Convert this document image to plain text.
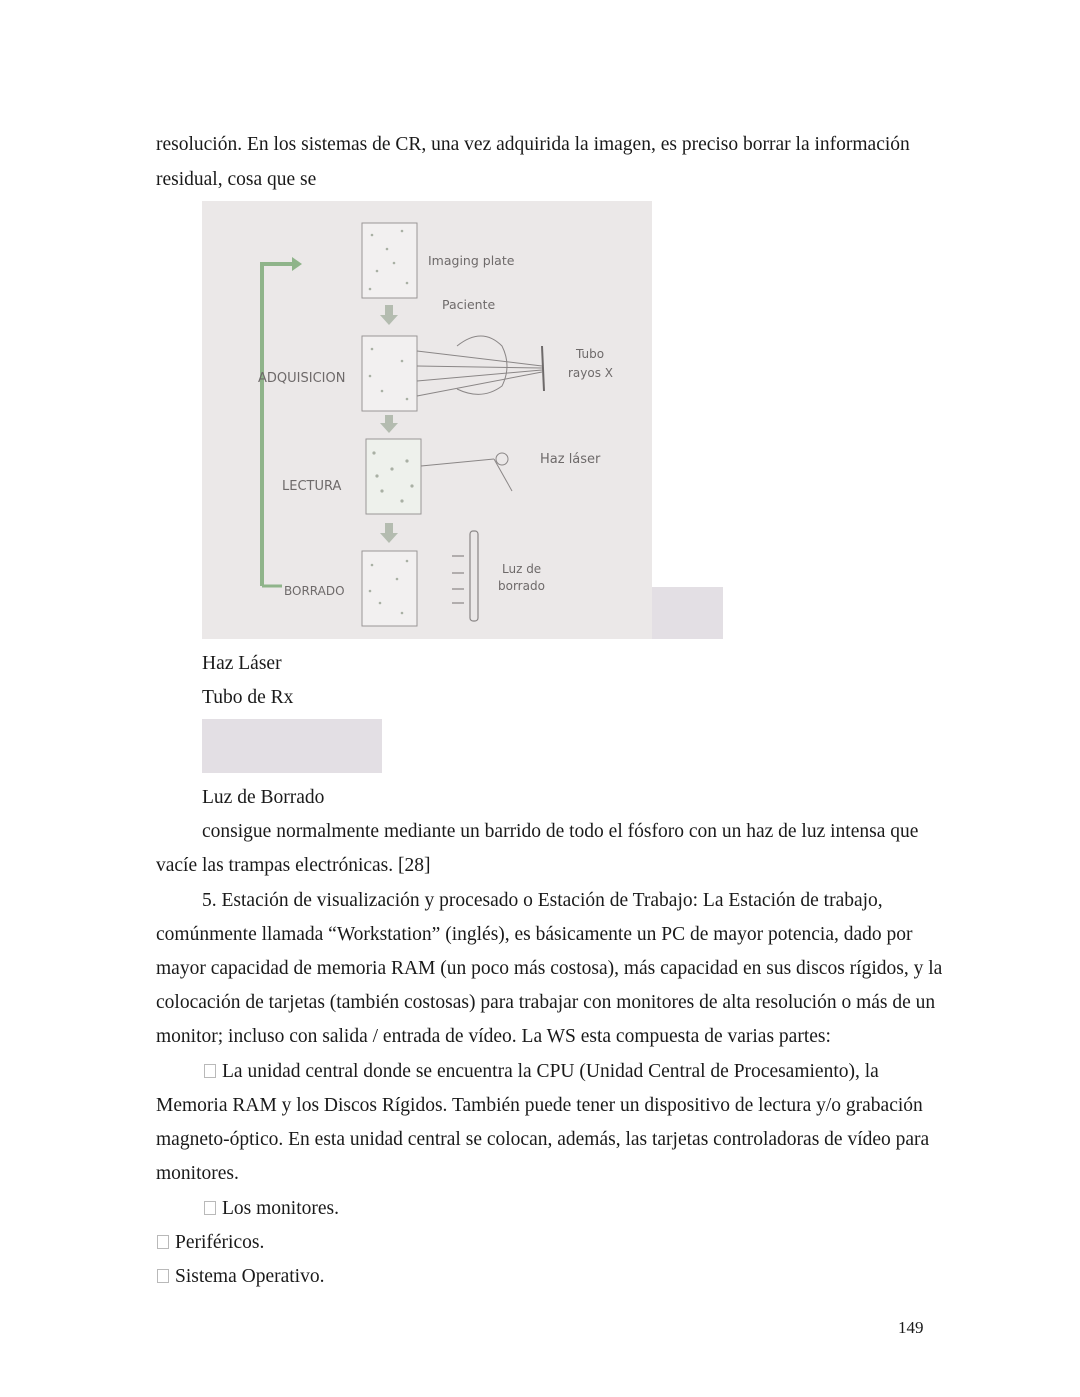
resolución. En los sistemas de CR, una vez adquirida la imagen, es preciso borrar la información

residual, cosa que se

Imaging plate
Paciente
Tubo
rayos X
ADQUISICION
Haz láser
LECTURA
Luz de
borrado
BORRADO

Haz Láser

Tubo de Rx

Luz de Borrado

consigue normalmente mediante un barrido de todo el fósforo con un haz de luz intensa que

vacíe las trampas electrónicas. [28]

5. Estación de visualización y procesado o Estación de Trabajo: La Estación de trabajo,

comúnmente llamada “Workstation” (inglés), es básicamente un PC de mayor potencia, dado por

mayor capacidad de memoria RAM (un poco más costosa), más capacidad en sus discos rígidos, y la

colocación de tarjetas (también costosas) para trabajar con monitores de alta resolución o más de un

monitor; incluso con salida / entrada de vídeo. La WS esta compuesta de varias partes:

La unidad central donde se encuentra la CPU (Unidad Central de Procesamiento), la

Memoria RAM y los Discos Rígidos. También puede tener un dispositivo de lectura y/o grabación

magneto-óptico. En esta unidad central se colocan, además, las tarjetas controladoras de vídeo para

monitores.

Los monitores.

Periféricos.

Sistema Operativo.

149
